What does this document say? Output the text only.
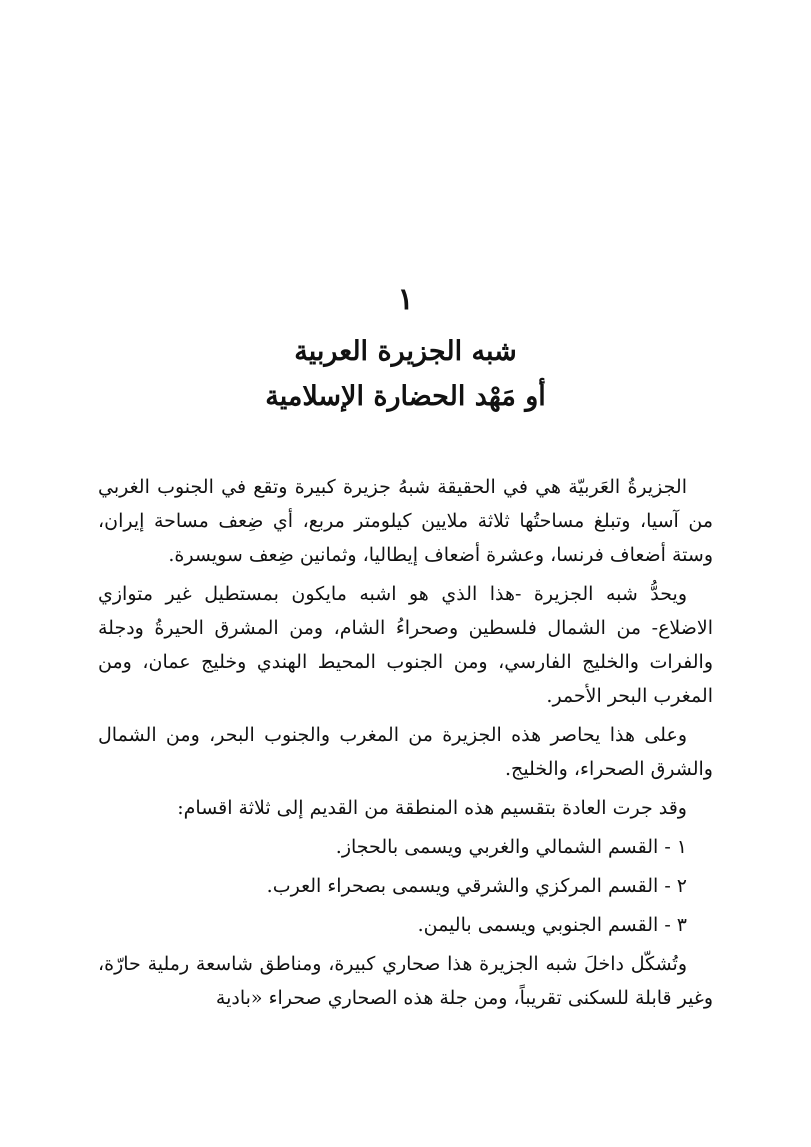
١
شبه الجزيرة العربية
أو مَهْد الحضارة الإسلامية

الجزيرةُ العَربيّة هي في الحقيقة شبهُ جزيرة كبيرة وتقع في الجنوب الغربي من آسيا، وتبلغ مساحتُها ثلاثة ملايين كيلومتر مربع، أي ضِعف مساحة إيران، وستة أضعاف فرنسا، وعشرة أضعاف إيطاليا، وثمانين ضِعف سويسرة.

ويحدُّ شبه الجزيرة -هذا الذي هو اشبه مايكون بمستطيل غير متوازي الاضلاع- من الشمال فلسطين وصحراءُ الشام، ومن المشرق الحيرةُ ودجلة والفرات والخليج الفارسي، ومن الجنوب المحيط الهندي وخليج عمان، ومن المغرب البحر الأحمر.

وعلى هذا يحاصر هذه الجزيرة من المغرب والجنوب البحر، ومن الشمال والشرق الصحراء، والخليج.

وقد جرت العادة بتقسيم هذه المنطقة من القديم إلى ثلاثة اقسام:

١ - القسم الشمالي والغربي ويسمى بالحجاز.

٢ - القسم المركزي والشرقي ويسمى بصحراء العرب.

٣ - القسم الجنوبي ويسمى باليمن.

وتُشكّل داخلَ شبه الجزيرة هذا صحاري كبيرة، ومناطق شاسعة رملية حارّة، وغير قابلة للسكنى تقريباً، ومن جلة هذه الصحاري صحراء «بادية
